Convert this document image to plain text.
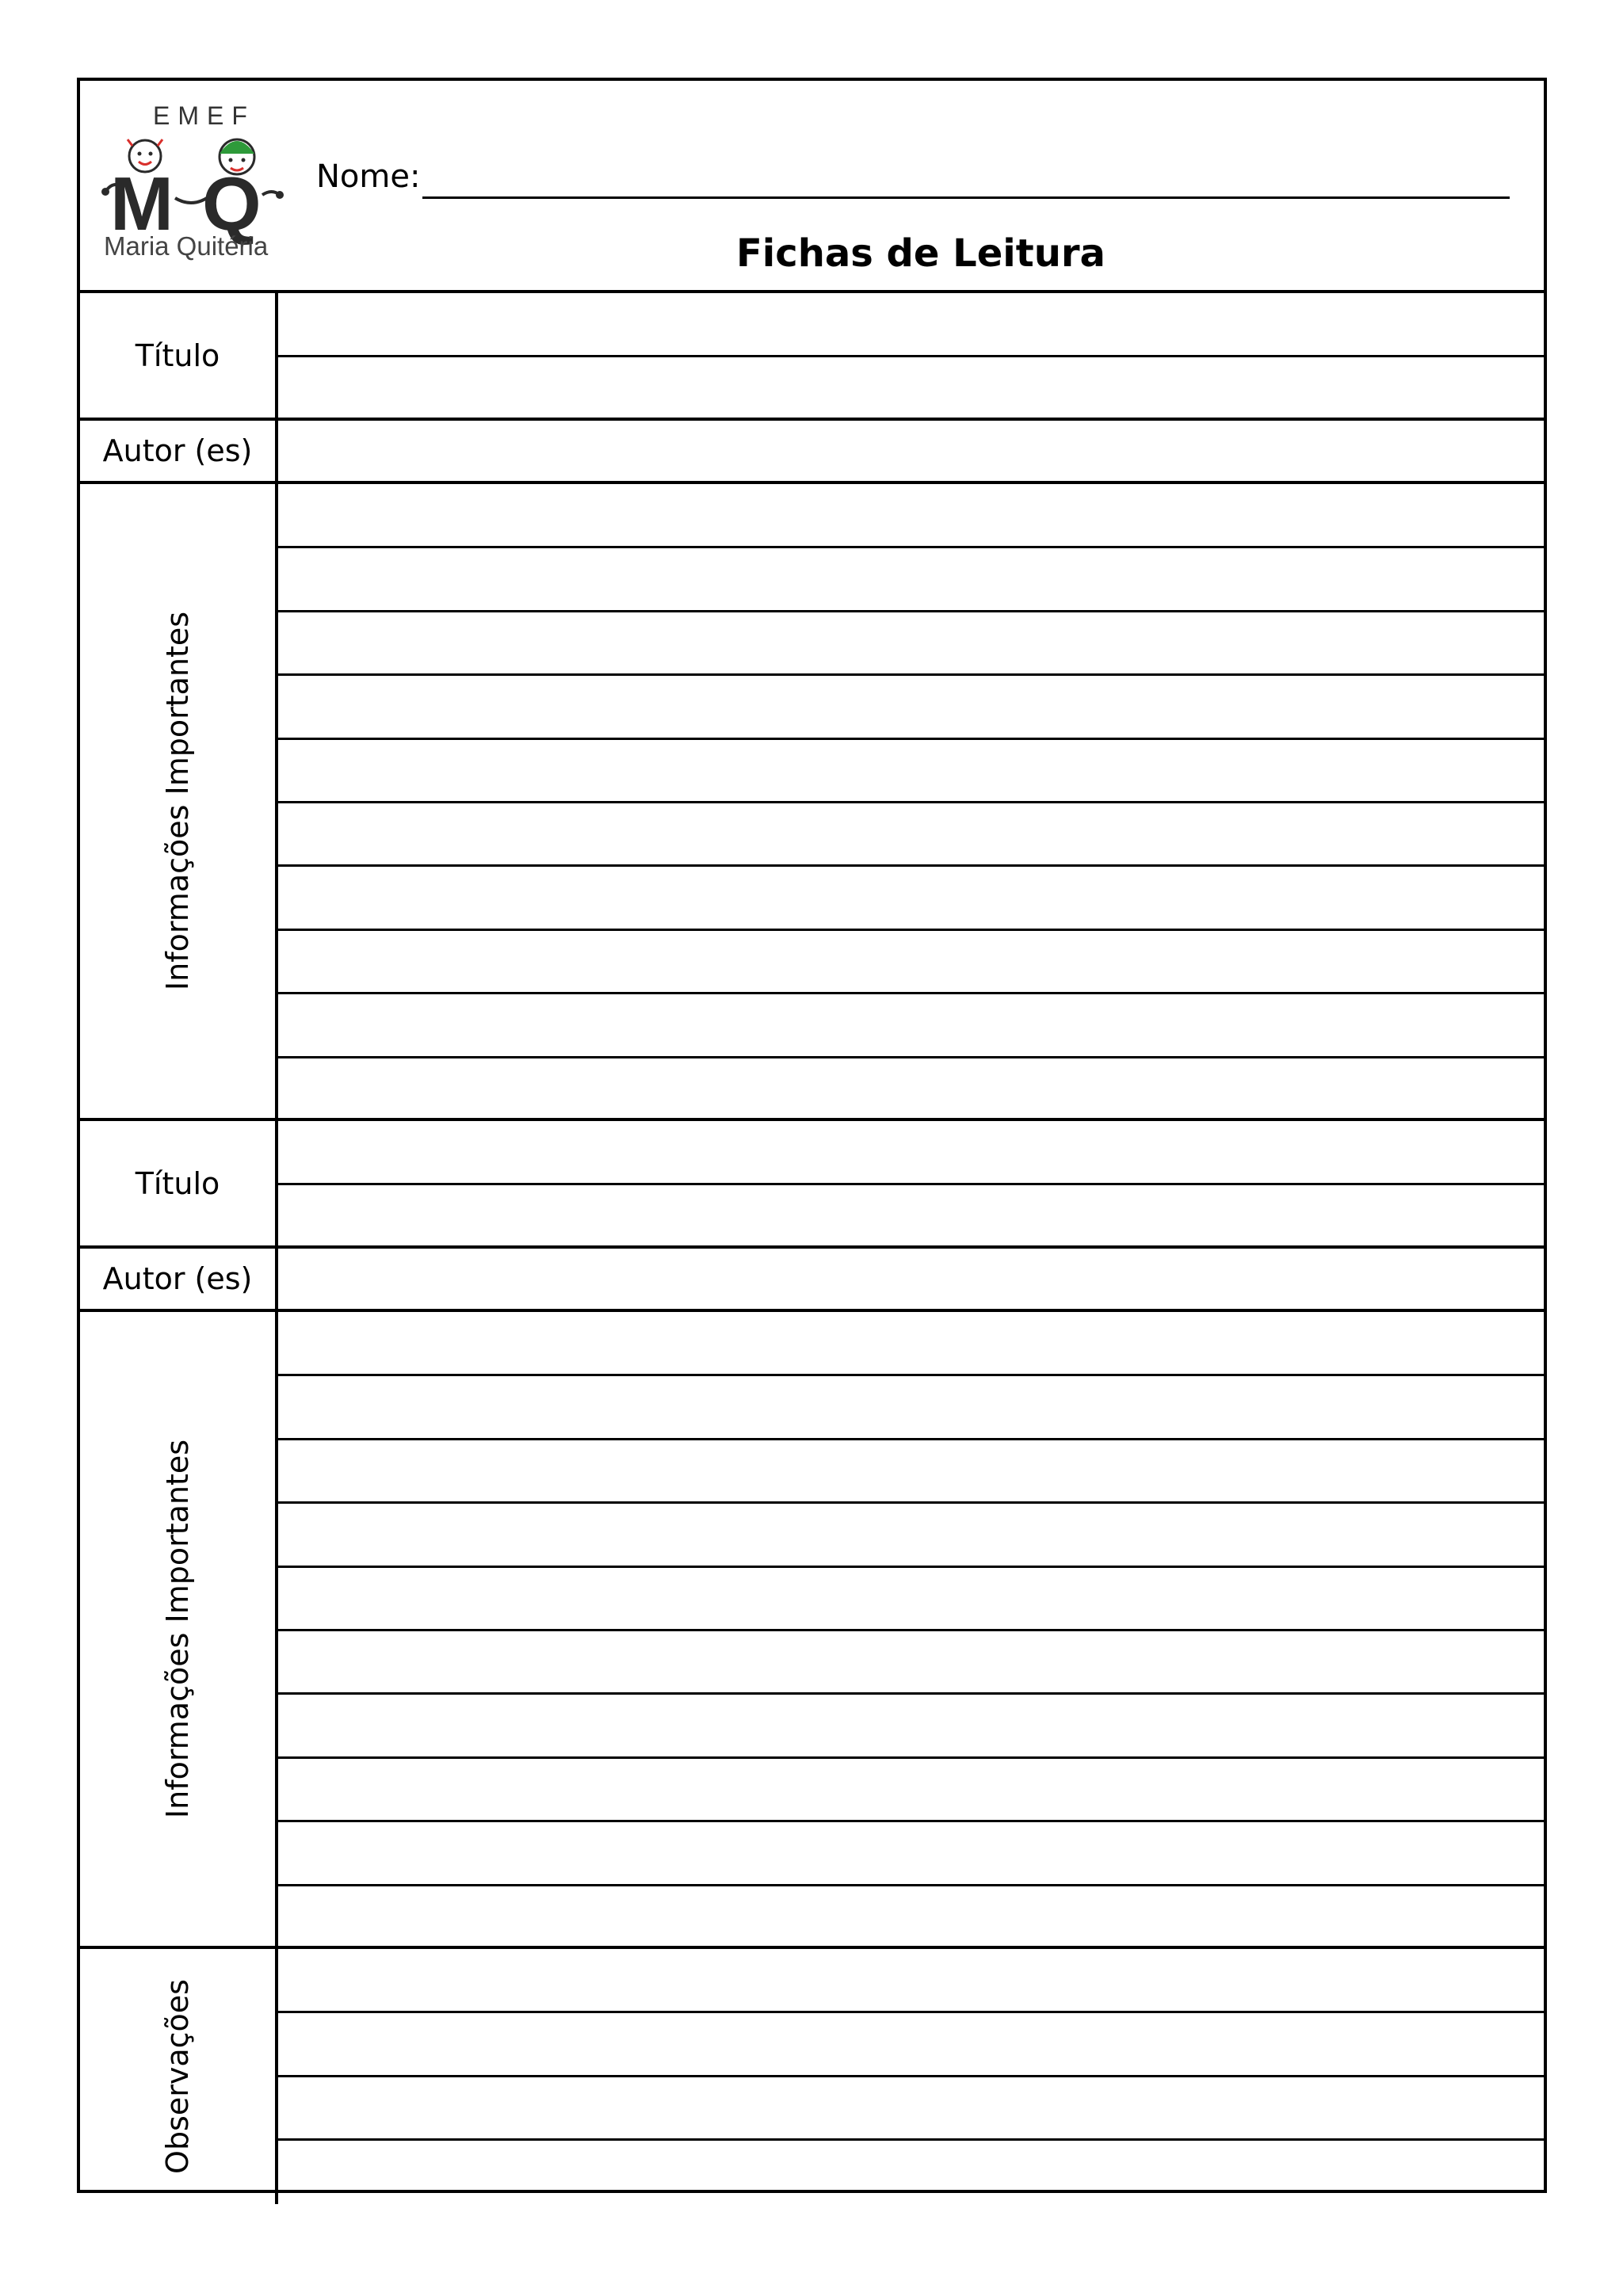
M Q
EMEF
Maria Quitéria
Nome:
Fichas de Leitura
Título
Autor (es)
Informações Importantes
Título
Autor (es)
Informações Importantes
Observações
